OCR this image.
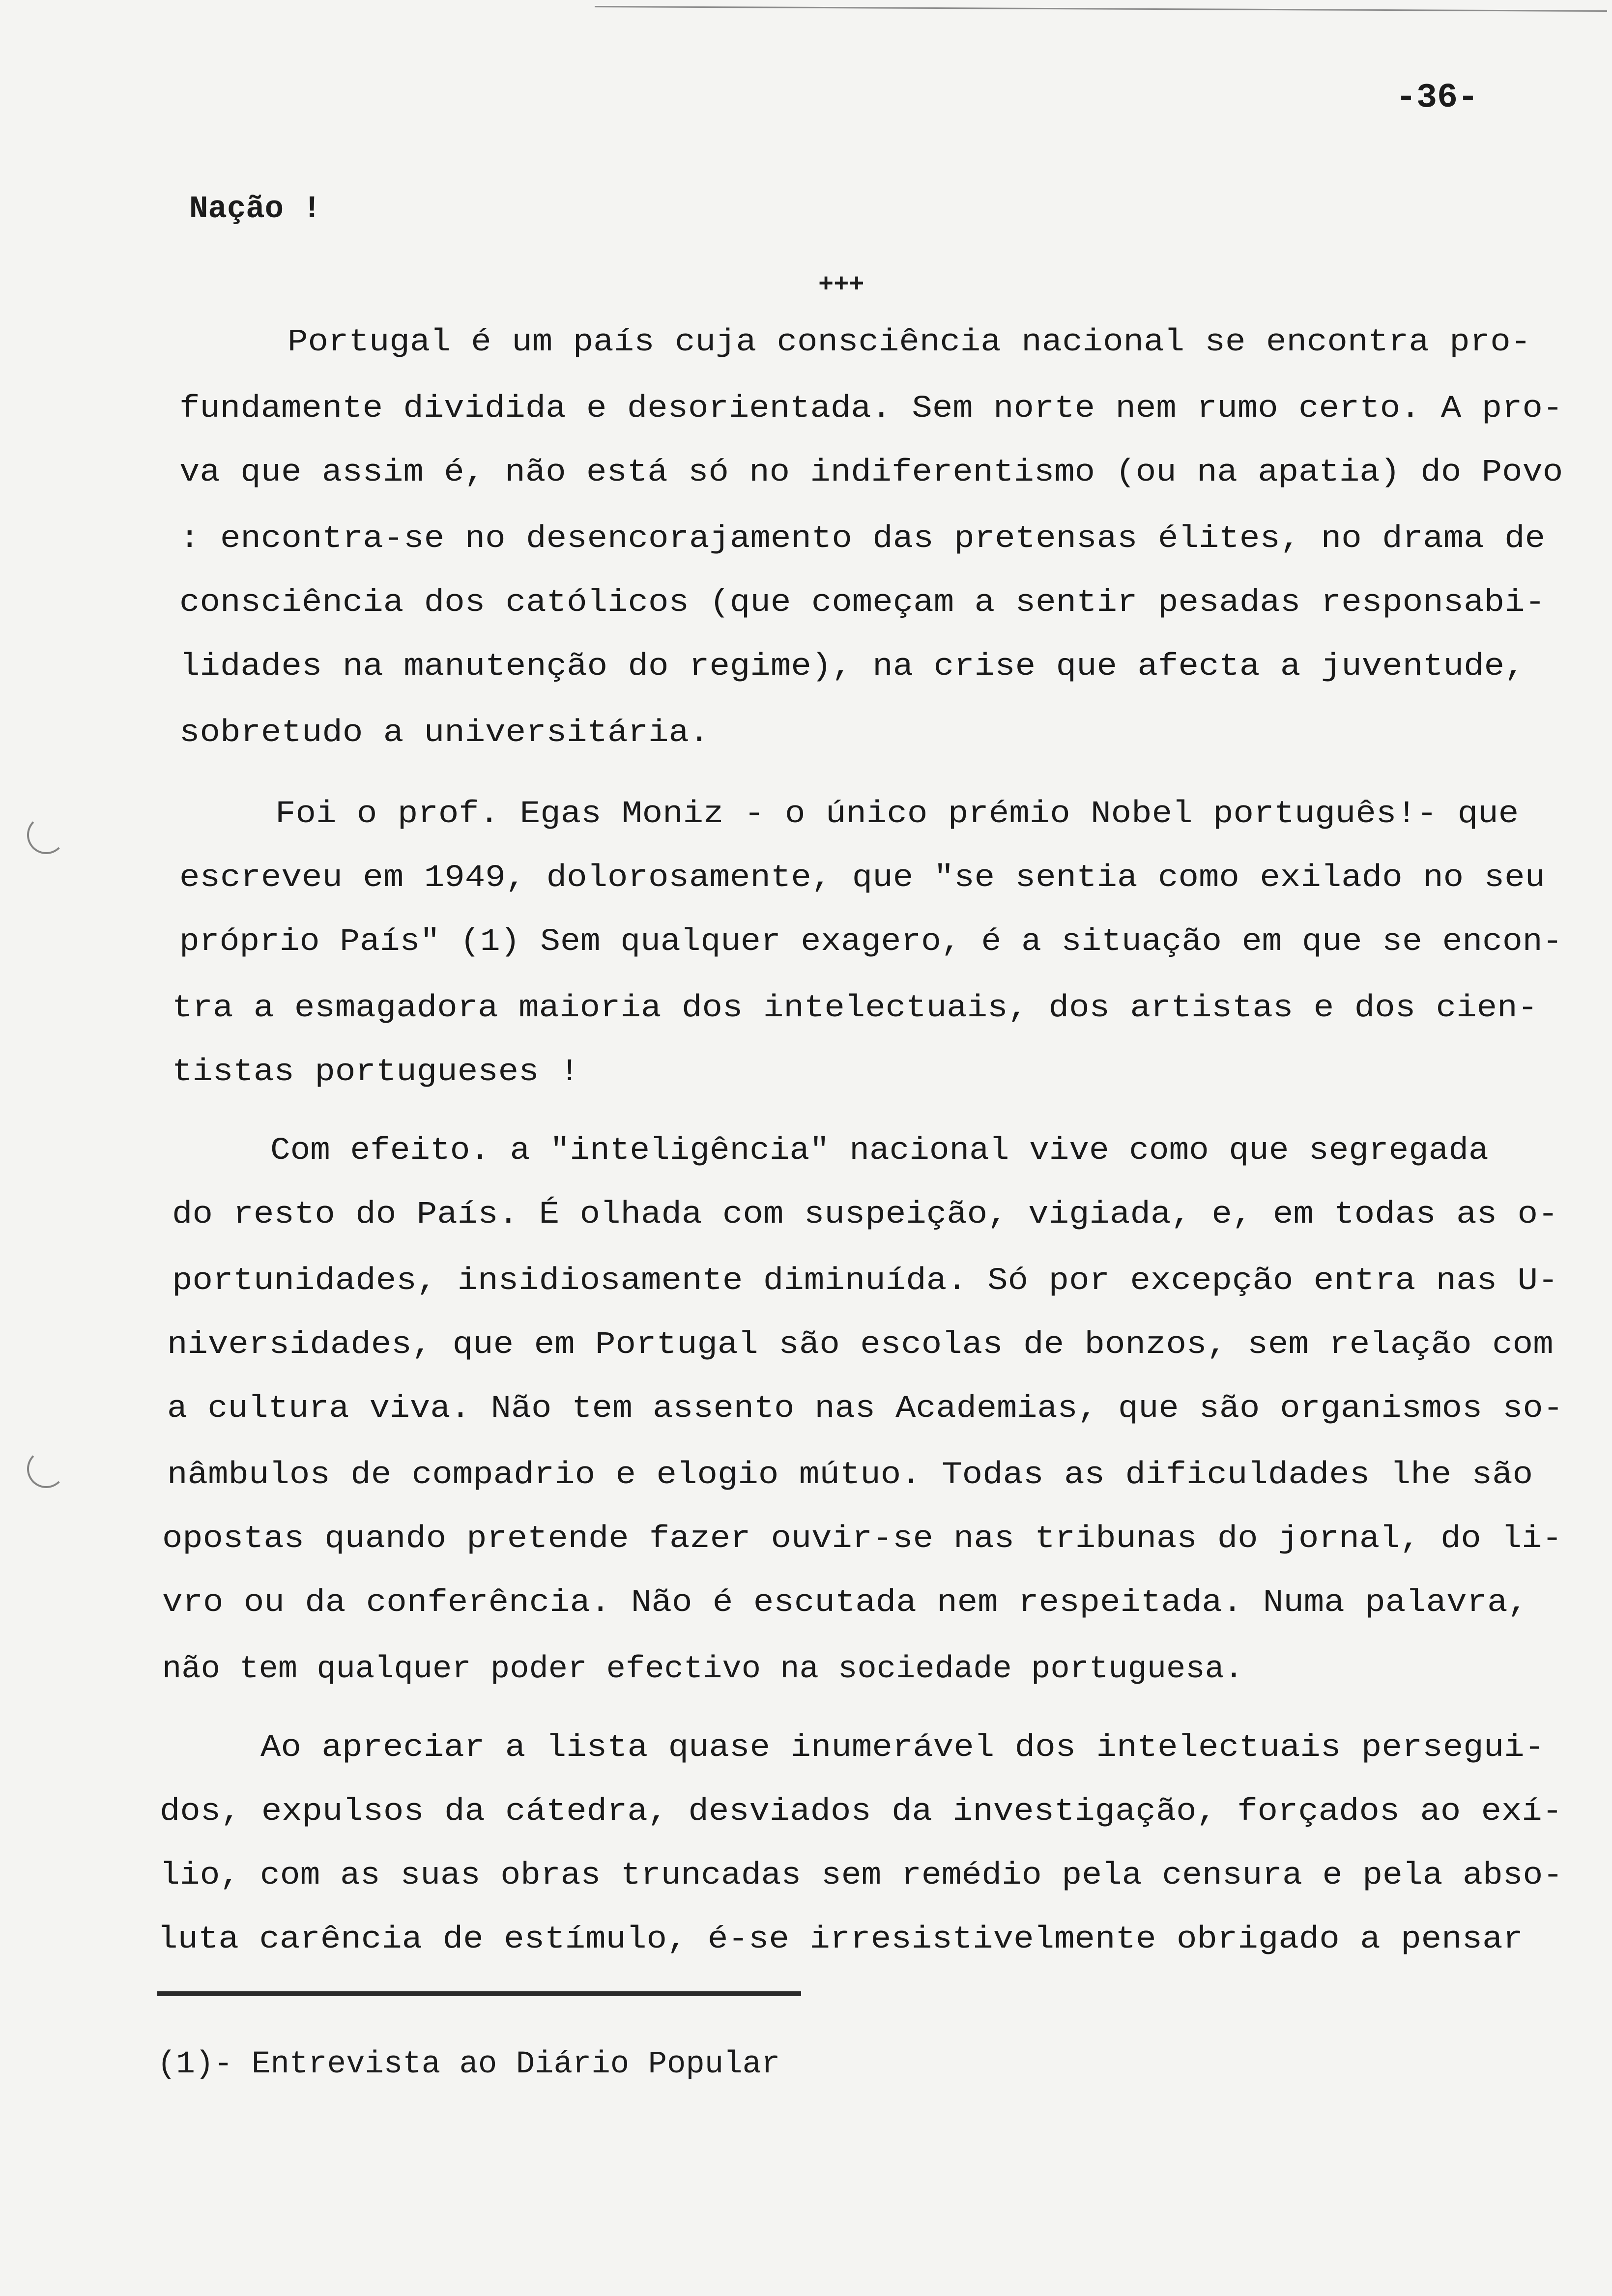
-36-
Nação !
+++
Portugal é um país cuja consciência nacional se encontra pro-
fundamente dividida e desorientada. Sem norte nem rumo certo. A pro-
va que assim é, não está só no indiferentismo (ou na apatia) do Povo
: encontra-se no desencorajamento das pretensas élites, no drama de
consciência dos católicos (que começam a sentir pesadas responsabi-
lidades na manutenção do regime), na crise que afecta a juventude,
sobretudo a universitária.
Foi o prof. Egas Moniz - o único prémio Nobel português!- que
escreveu em 1949, dolorosamente, que "se sentia como exilado no seu
próprio País" (1) Sem qualquer exagero, é a situação em que se encon-
tra a esmagadora maioria dos intelectuais, dos artistas e dos cien-
tistas portugueses !
Com efeito. a "inteligência" nacional vive como que segregada
do resto do País. É olhada com suspeição, vigiada, e, em todas as o-
portunidades, insidiosamente diminuída. Só por excepção entra nas U-
niversidades, que em Portugal são escolas de bonzos, sem relação com
a cultura viva. Não tem assento nas Academias, que são organismos so-
nâmbulos de compadrio e elogio mútuo. Todas as dificuldades lhe são
opostas quando pretende fazer ouvir-se nas tribunas do jornal, do li-
vro ou da conferência. Não é escutada nem respeitada. Numa palavra,
não tem qualquer poder efectivo na sociedade portuguesa.
Ao apreciar a lista quase inumerável dos intelectuais persegui-
dos, expulsos da cátedra, desviados da investigação, forçados ao exí-
lio, com as suas obras truncadas sem remédio pela censura e pela abso-
luta carência de estímulo, é-se irresistivelmente obrigado a pensar
(1)- Entrevista ao Diário Popular
